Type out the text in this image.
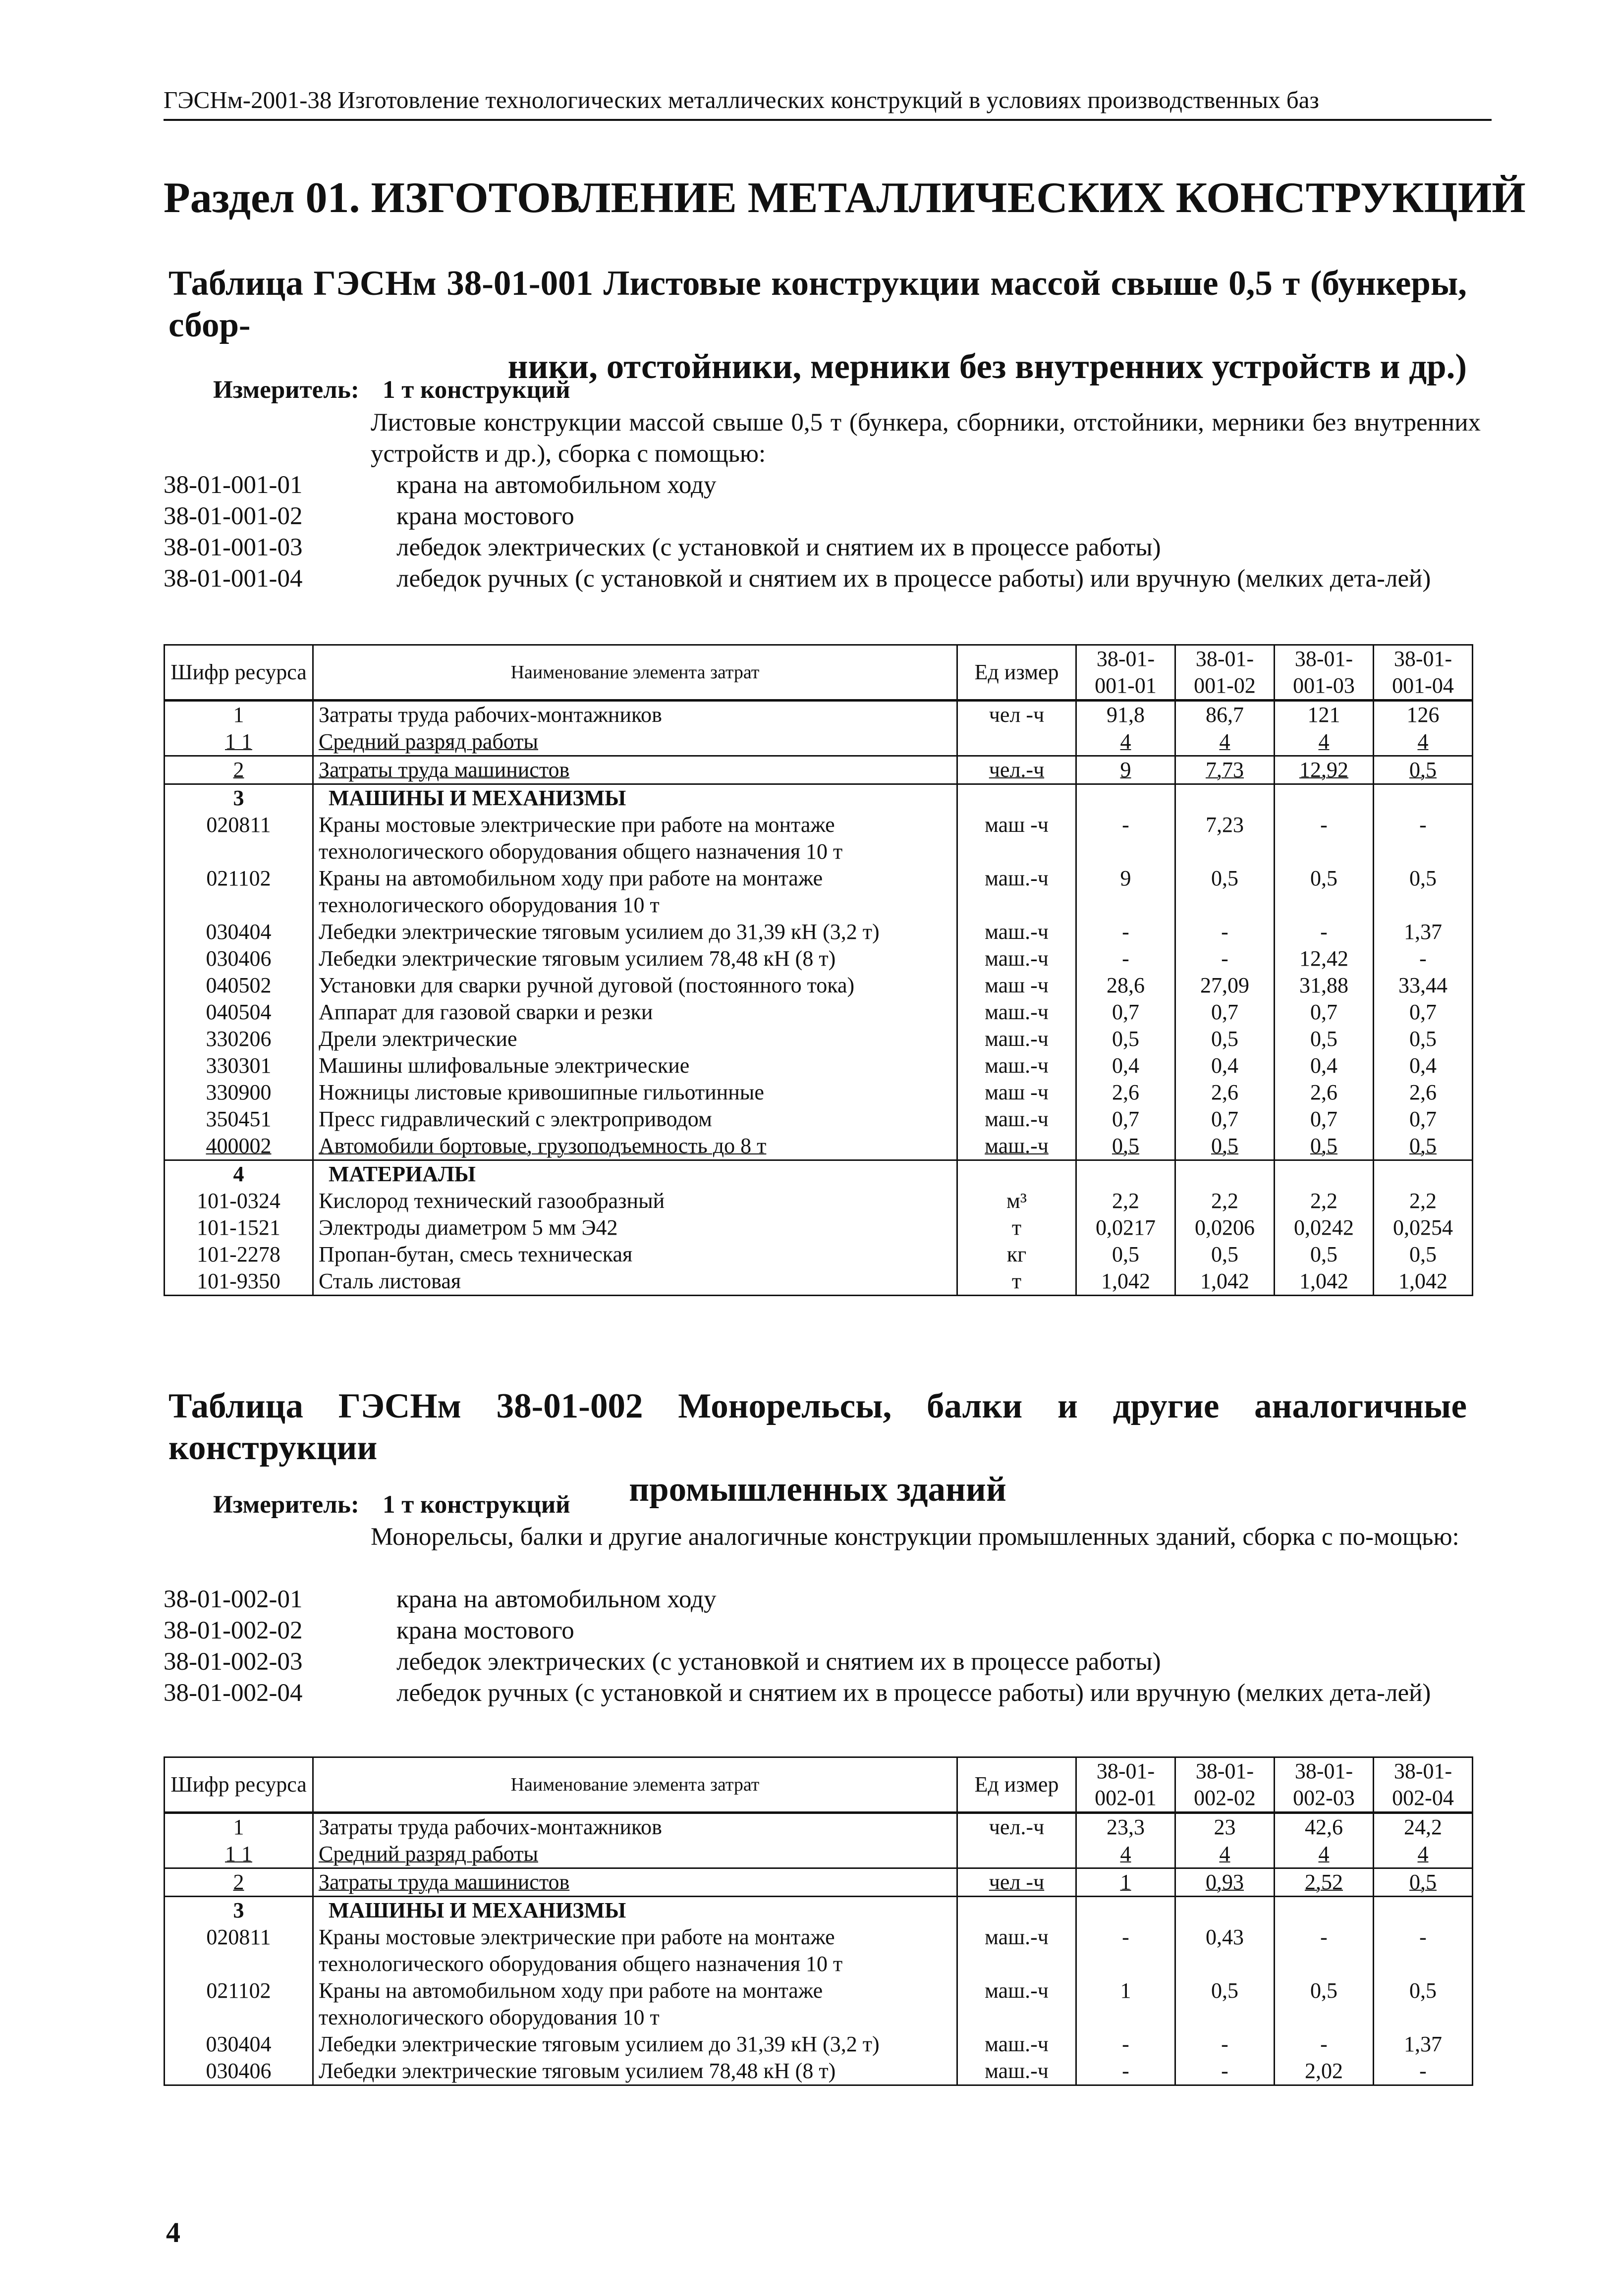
ГЭСНм-2001-38 Изготовление технологических металлических конструкций в условиях производственных баз
Раздел 01. ИЗГОТОВЛЕНИЕ МЕТАЛЛИЧЕСКИХ КОНСТРУКЦИЙ
Таблица ГЭСНм 38-01-001 Листовые конструкции массой свыше 0,5 т (бункеры, сбор-
ники, отстойники, мерники без внутренних устройств и др.)
Измеритель: 1 т конструкций
Листовые конструкции массой свыше 0,5 т (бункера, сборники, отстойники, мерники без внутренних устройств и др.), сборка с помощью:
38-01-001-01	крана на автомобильном ходу
38-01-001-02	крана мостового
38-01-001-03	лебедок электрических (с установкой и снятием их в процессе работы)
38-01-001-04	лебедок ручных (с установкой и снятием их в процессе работы) или вручную (мелких дета-лей)
Шифр ресурса	Наименование элемента затрат	Ед измер	38-01-001-01	38-01-001-02	38-01-001-03	38-01-001-04
1	Затраты труда рабочих-монтажников	чел -ч	91,8	86,7	121	126
1 1	Средний разряд работы		4	4	4	4
2	Затраты труда машинистов	чел.-ч	9	7,73	12,92	0,5
3	МАШИНЫ И МЕХАНИЗМЫ					
020811	Краны мостовые электрические при работе на монтаже технологического оборудования общего назначения 10 т	маш -ч	-	7,23	-	-
021102	Краны на автомобильном ходу при работе на монтаже технологического оборудования 10 т	маш.-ч	9	0,5	0,5	0,5
030404	Лебедки электрические тяговым усилием до 31,39 кН (3,2 т)	маш.-ч	-	-	-	1,37
030406	Лебедки электрические тяговым усилием 78,48 кН (8 т)	маш.-ч	-	-	12,42	-
040502	Установки для сварки ручной дуговой (постоянного тока)	маш -ч	28,6	27,09	31,88	33,44
040504	Аппарат для газовой сварки и резки	маш.-ч	0,7	0,7	0,7	0,7
330206	Дрели электрические	маш.-ч	0,5	0,5	0,5	0,5
330301	Машины шлифовальные электрические	маш.-ч	0,4	0,4	0,4	0,4
330900	Ножницы листовые кривошипные гильотинные	маш -ч	2,6	2,6	2,6	2,6
350451	Пресс гидравлический с электроприводом	маш.-ч	0,7	0,7	0,7	0,7
400002	Автомобили бортовые, грузоподъемность до 8 т	маш.-ч	0,5	0,5	0,5	0,5
4	МАТЕРИАЛЫ					
101-0324	Кислород технический газообразный	м³	2,2	2,2	2,2	2,2
101-1521	Электроды диаметром 5 мм Э42	т	0,0217	0,0206	0,0242	0,0254
101-2278	Пропан-бутан, смесь техническая	кг	0,5	0,5	0,5	0,5
101-9350	Сталь листовая	т	1,042	1,042	1,042	1,042
Таблица ГЭСНм 38-01-002 Монорельсы, балки и другие аналогичные конструкции
промышленных зданий
Измеритель: 1 т конструкций
Монорельсы, балки и другие аналогичные конструкции промышленных зданий, сборка с по-мощью:
38-01-002-01	крана на автомобильном ходу
38-01-002-02	крана мостового
38-01-002-03	лебедок электрических (с установкой и снятием их в процессе работы)
38-01-002-04	лебедок ручных (с установкой и снятием их в процессе работы) или вручную (мелких дета-лей)
Шифр ресурса	Наименование элемента затрат	Ед измер	38-01-002-01	38-01-002-02	38-01-002-03	38-01-002-04
1	Затраты труда рабочих-монтажников	чел.-ч	23,3	23	42,6	24,2
1 1	Средний разряд работы		4	4	4	4
2	Затраты труда машинистов	чел -ч	1	0,93	2,52	0,5
3	МАШИНЫ И МЕХАНИЗМЫ					
020811	Краны мостовые электрические при работе на монтаже технологического оборудования общего назначения 10 т	маш.-ч	-	0,43	-	-
021102	Краны на автомобильном ходу при работе на монтаже технологического оборудования 10 т	маш.-ч	1	0,5	0,5	0,5
030404	Лебедки электрические тяговым усилием до 31,39 кН (3,2 т)	маш.-ч	-	-	-	1,37
030406	Лебедки электрические тяговым усилием 78,48 кН (8 т)	маш.-ч	-	-	2,02	-
4
